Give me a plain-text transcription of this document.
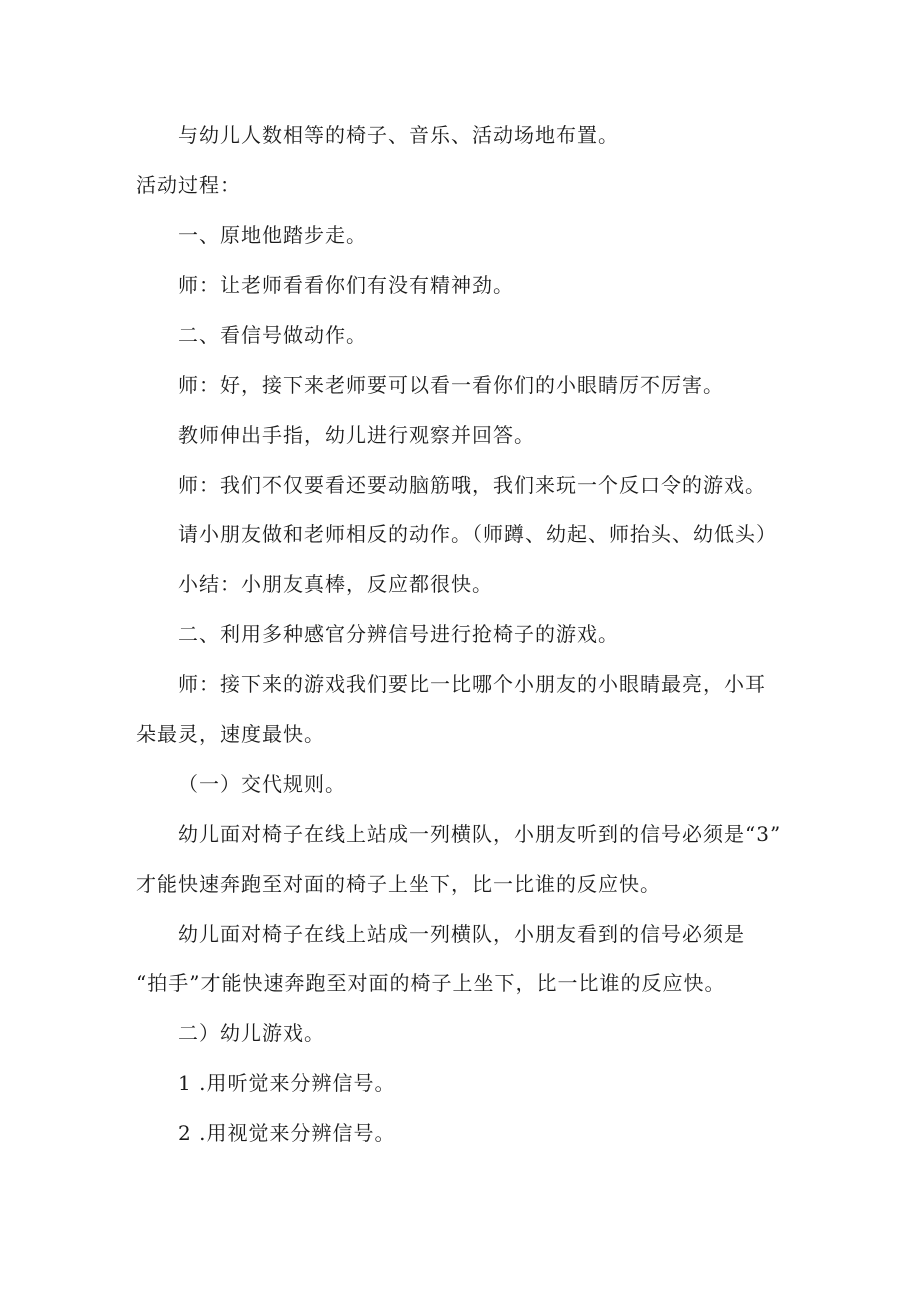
与幼儿人数相等的椅子、音乐、活动场地布置。
活动过程：
一、原地他踏步走。
师：让老师看看你们有没有精神劲。
二、看信号做动作。
师：好，接下来老师要可以看一看你们的小眼睛厉不厉害。
教师伸出手指，幼儿进行观察并回答。
师：我们不仅要看还要动脑筋哦，我们来玩一个反口令的游戏。
请小朋友做和老师相反的动作。（师蹲、幼起、师抬头、幼低头）
小结：小朋友真棒，反应都很快。
二、利用多种感官分辨信号进行抢椅子的游戏。
师：接下来的游戏我们要比一比哪个小朋友的小眼睛最亮，小耳
朵最灵，速度最快。
（一）交代规则。
幼儿面对椅子在线上站成一列横队，小朋友听到的信号必须是“3”
才能快速奔跑至对面的椅子上坐下，比一比谁的反应快。
幼儿面对椅子在线上站成一列横队，小朋友看到的信号必须是
“拍手”才能快速奔跑至对面的椅子上坐下，比一比谁的反应快。
二）幼儿游戏。
1 .用听觉来分辨信号。
2 .用视觉来分辨信号。
